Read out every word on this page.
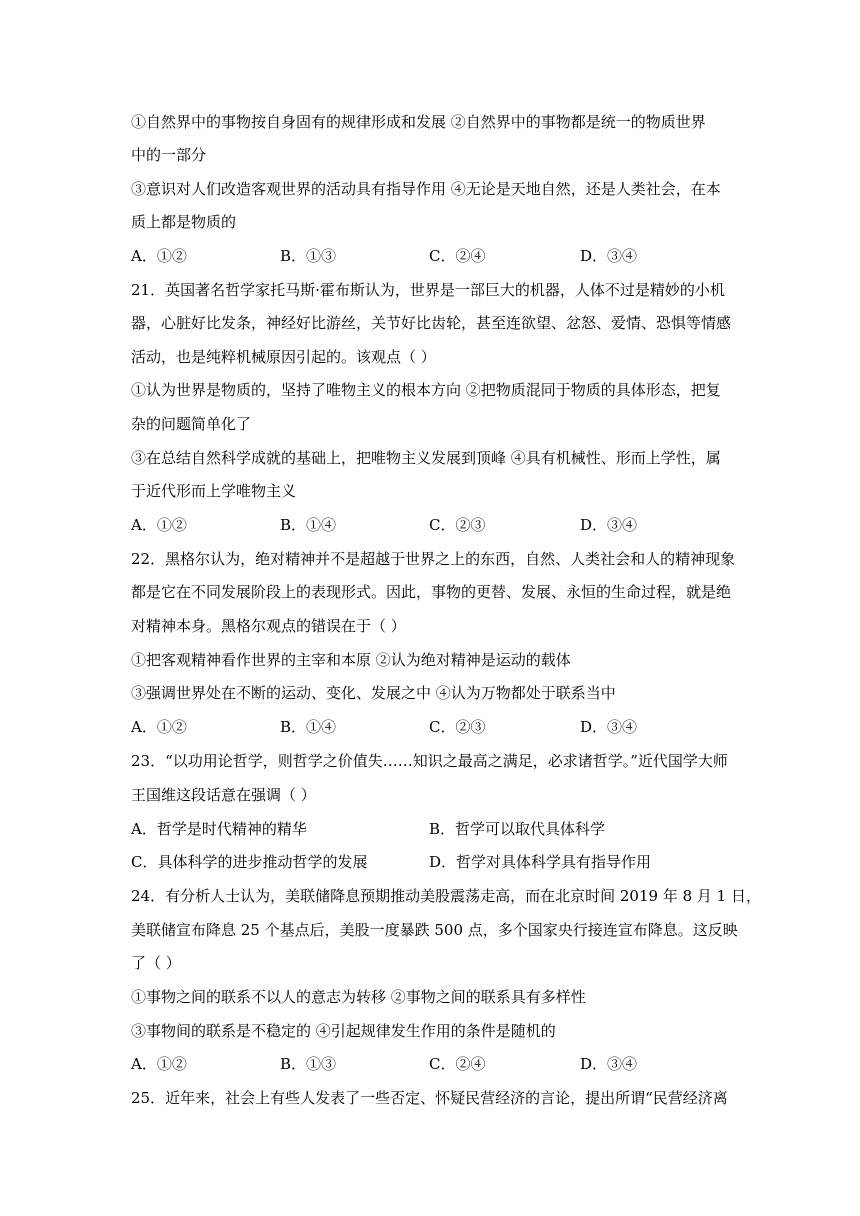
①自然界中的事物按自身固有的规律形成和发展 ②自然界中的事物都是统一的物质世界
中的一部分
③意识对人们改造客观世界的活动具有指导作用 ④无论是天地自然，还是人类社会，在本
质上都是物质的
A．①②	B．①③	C．②④	D．③④
21．英国著名哲学家托马斯·霍布斯认为，世界是一部巨大的机器，人体不过是精妙的小机
器，心脏好比发条，神经好比游丝，关节好比齿轮，甚至连欲望、忿怒、爱情、恐惧等情感
活动，也是纯粹机械原因引起的。该观点（ ）
①认为世界是物质的，坚持了唯物主义的根本方向 ②把物质混同于物质的具体形态，把复
杂的问题简单化了
③在总结自然科学成就的基础上，把唯物主义发展到顶峰 ④具有机械性、形而上学性，属
于近代形而上学唯物主义
A．①②	B．①④	C．②③	D．③④
22．黑格尔认为，绝对精神并不是超越于世界之上的东西，自然、人类社会和人的精神现象
都是它在不同发展阶段上的表现形式。因此，事物的更替、发展、永恒的生命过程，就是绝
对精神本身。黑格尔观点的错误在于（ ）
①把客观精神看作世界的主宰和本原 ②认为绝对精神是运动的载体
③强调世界处在不断的运动、变化、发展之中 ④认为万物都处于联系当中
A．①②	B．①④	C．②③	D．③④
23．“以功用论哲学，则哲学之价值失……知识之最高之满足，必求诸哲学。”近代国学大师
王国维这段话意在强调（ ）
A．哲学是时代精神的精华	B．哲学可以取代具体科学
C．具体科学的进步推动哲学的发展	D．哲学对具体科学具有指导作用
24．有分析人士认为，美联储降息预期推动美股震荡走高，而在北京时间 2019 年 8 月 1 日，
美联储宣布降息 25 个基点后，美股一度暴跌 500 点，多个国家央行接连宣布降息。这反映
了（ ）
①事物之间的联系不以人的意志为转移 ②事物之间的联系具有多样性
③事物间的联系是不稳定的 ④引起规律发生作用的条件是随机的
A．①②	B．①③	C．②④	D．③④
25．近年来，社会上有些人发表了一些否定、怀疑民营经济的言论，提出所谓“民营经济离
